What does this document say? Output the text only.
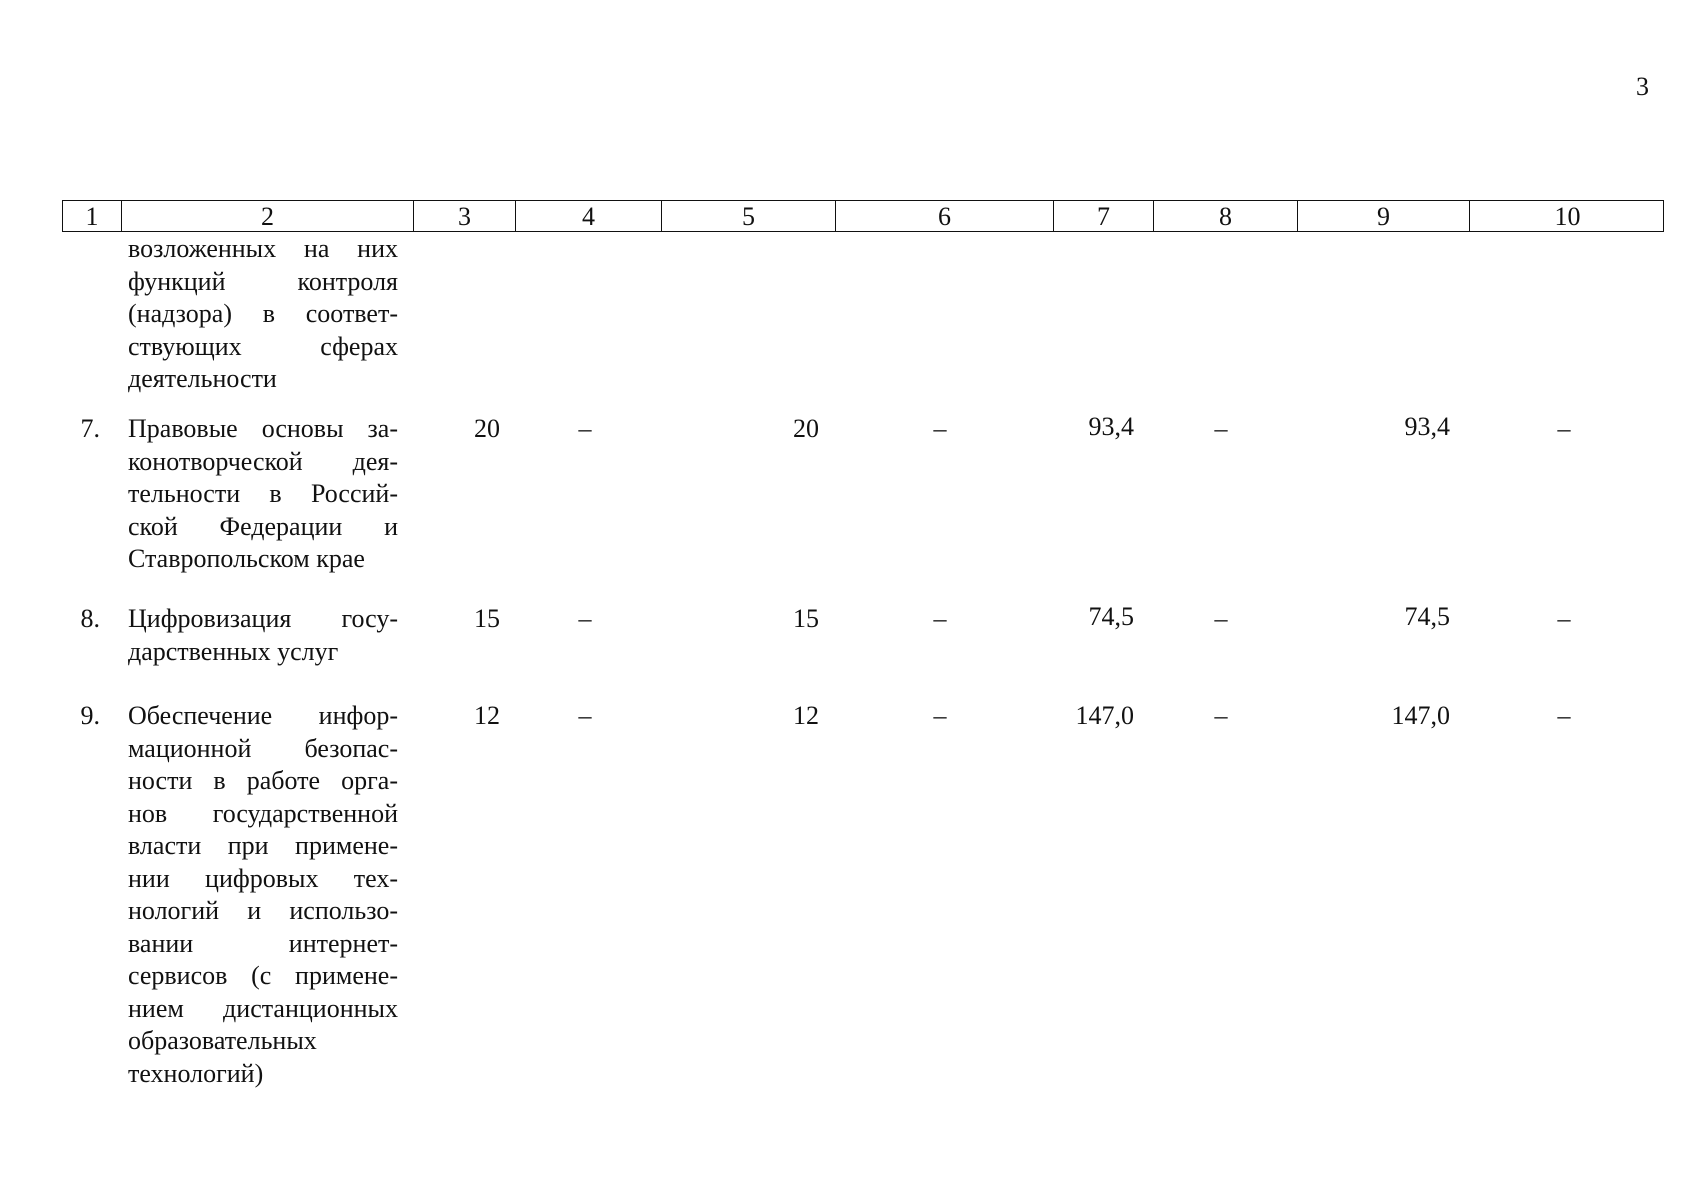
3
1	2	3	4	5	6	7	8	9	10
возложенных на них
функций контроля
(надзора) в соответ-
ствующих сферах
деятельности
7. Правовые основы за-
конотворческой дея-
тельности в Россий-
ской Федерации и
Ставропольском крае
20	–	20	–	93,4	–	93,4	–
8. Цифровизация госу-
дарственных услуг
15	–	15	–	74,5	–	74,5	–
9. Обеспечение инфор-
мационной безопас-
ности в работе орга-
нов государственной
власти при примене-
нии цифровых тех-
нологий и использо-
вании интернет-
сервисов (с примене-
нием дистанционных
образовательных
технологий)
12	–	12	–	147,0	–	147,0	–
